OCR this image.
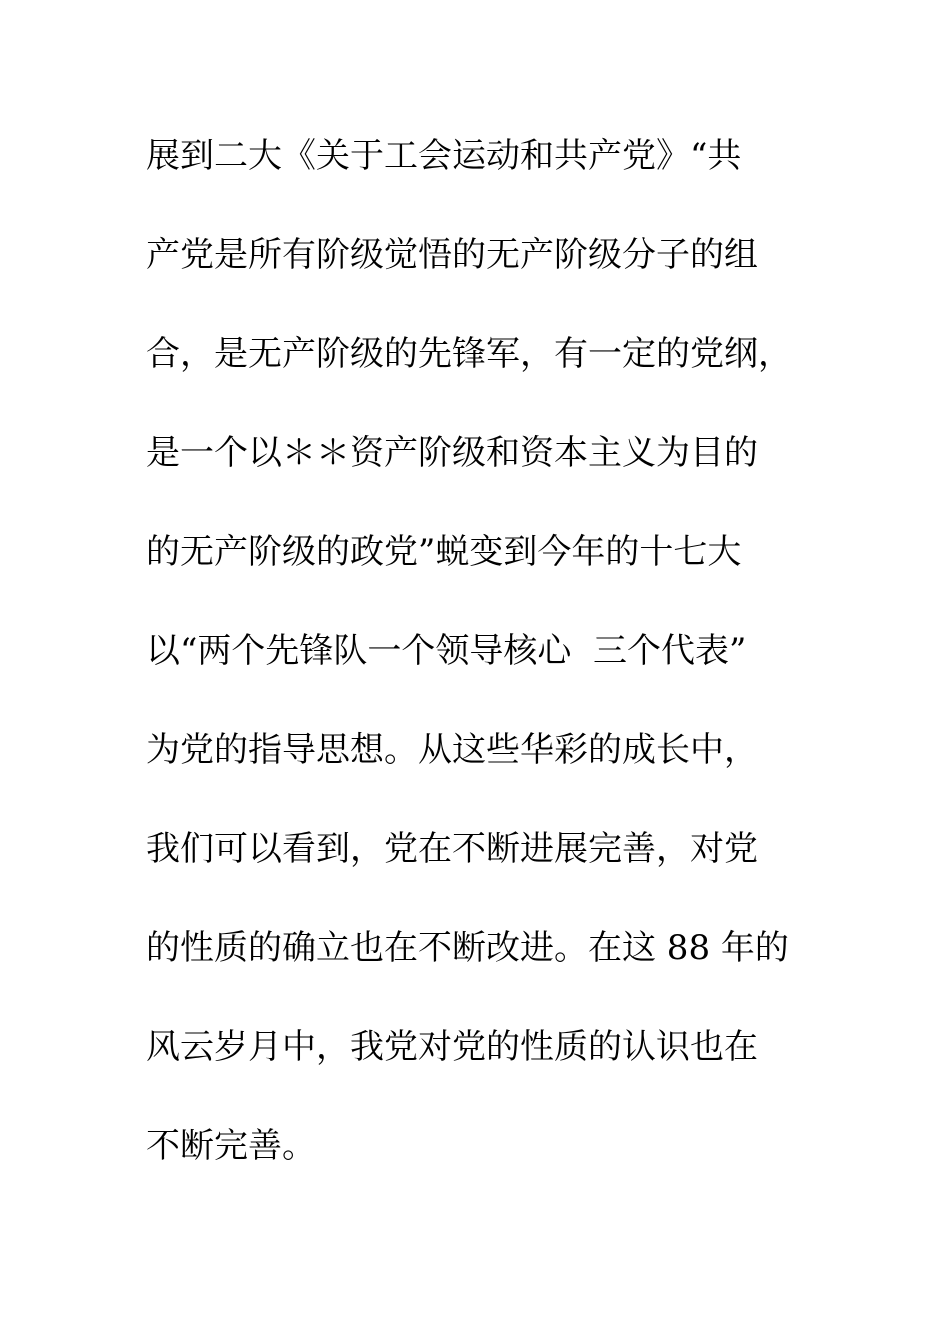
展到二大《关于工会运动和共产党》“共
产党是所有阶级觉悟的无产阶级分子的组
合，是无产阶级的先锋军，有一定的党纲，
是一个以＊＊资产阶级和资本主义为目的
的无产阶级的政党”蜕变到今年的十七大
以“两个先锋队一个领导核心  三个代表”
为党的指导思想。从这些华彩的成长中，
我们可以看到，党在不断进展完善，对党
的性质的确立也在不断改进。在这 88 年的
风云岁月中，我党对党的性质的认识也在
不断完善。
